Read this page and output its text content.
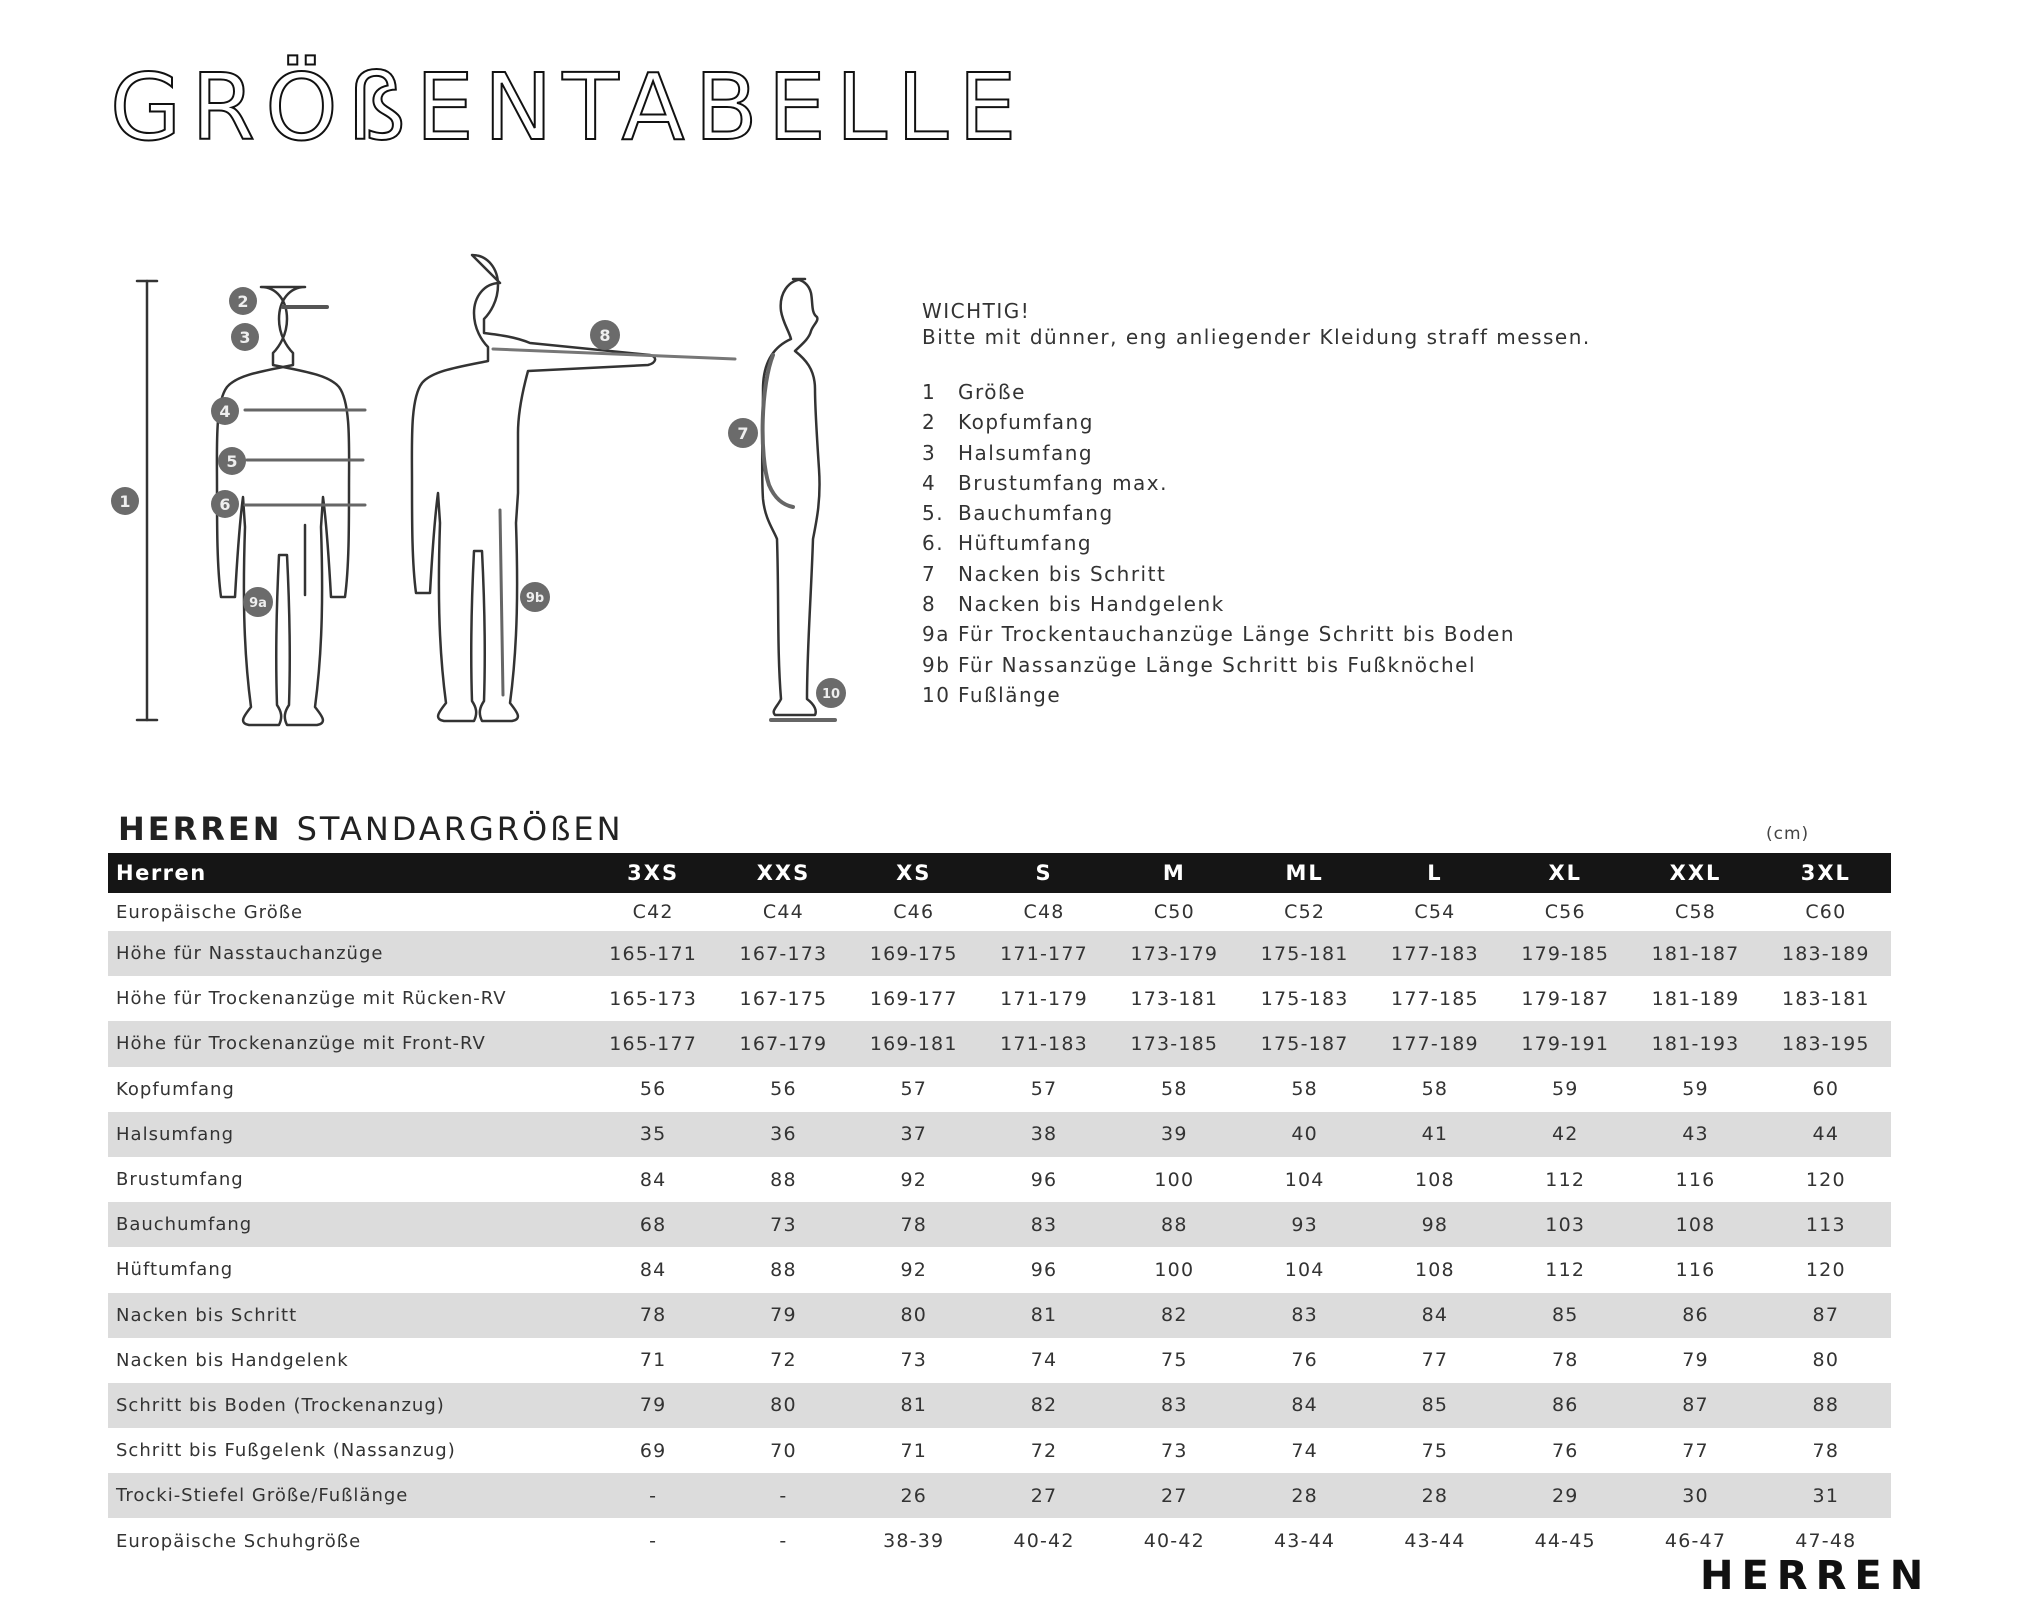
GRÖßENTABELLE
1
2
3
4
5
6
7
8
9a	9b
10

WICHTIG!

Bitte mit dünner, eng anliegender Kleidung straff messen.

1 Größe
2 Kopfumfang
3 Halsumfang
4 Brustumfang max.
5. Bauchumfang
6. Hüftumfang
7 Nacken bis Schritt
8 Nacken bis Handgelenk
9a Für Trockentauchanzüge Länge Schritt bis Boden
9b Für Nassanzüge Länge Schritt bis Fußknöchel
10 Fußlänge
HERREN STANDARGRÖßEN	(cm)
Herren	3XS	XXS	XS	S	M	ML	L	XL	XXL	3XL
Europäische Größe	C42	C44	C46	C48	C50	C52	C54	C56	C58	C60
Höhe für Nasstauchanzüge	165-171	167-173	169-175	171-177	173-179	175-181	177-183	179-185	181-187	183-189
Höhe für Trockenanzüge mit Rücken-RV	165-173	167-175	169-177	171-179	173-181	175-183	177-185	179-187	181-189	183-181
Höhe für Trockenanzüge mit Front-RV	165-177	167-179	169-181	171-183	173-185	175-187	177-189	179-191	181-193	183-195
Kopfumfang	56	56	57	57	58	58	58	59	59	60
Halsumfang	35	36	37	38	39	40	41	42	43	44
Brustumfang	84	88	92	96	100	104	108	112	116	120
Bauchumfang	68	73	78	83	88	93	98	103	108	113
Hüftumfang	84	88	92	96	100	104	108	112	116	120
Nacken bis Schritt	78	79	80	81	82	83	84	85	86	87
Nacken bis Handgelenk	71	72	73	74	75	76	77	78	79	80
Schritt bis Boden (Trockenanzug)	79	80	81	82	83	84	85	86	87	88
Schritt bis Fußgelenk (Nassanzug)	69	70	71	72	73	74	75	76	77	78
Trocki-Stiefel Größe/Fußlänge	-	-	26	27	27	28	28	29	30	31
Europäische Schuhgröße	-	-	38-39	40-42	40-42	43-44	43-44	44-45	46-47	47-48
HERREN
